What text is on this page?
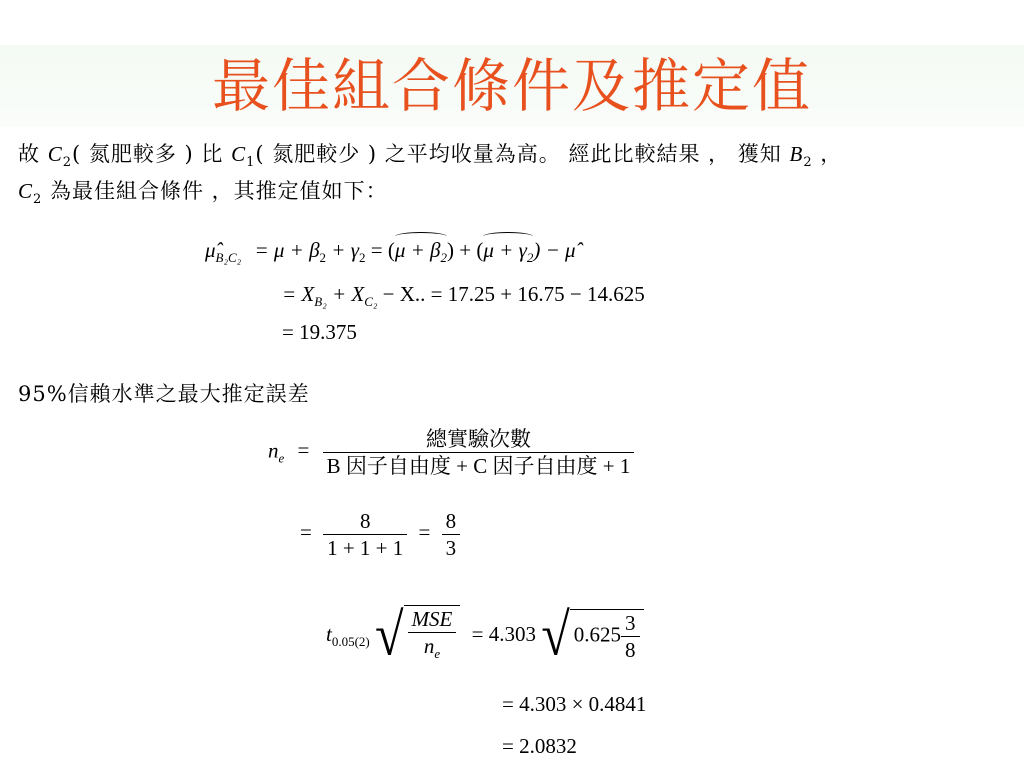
最佳組合條件及推定值
故 $C_2$( 氮肥較多 ) 比 $C_1$( 氮肥較少 ) 之平均收量為高。 經此比較結果 ， 獲知 $B_2$ ，
$C_2$ 為最佳組合條件 ，其推定值如下：
$\mû_{B_2C_2} = \mu + \beta_2 + \gamma_2 = (\mu + \beta_2) + (\mu + \gamma_2)$ − μ̂
= $X_{B_2} + X_{C_2} - X$.. = 17.25 + 16.75 − 14.625
= 19.375
95%信賴水準之最大推定誤差
$n_e = \frac{\text{總實驗次數}}{\text{B 因子自由度 + C 因子自由度 + 1}}$
= $\frac{8}{1 + 1 + 1} = \frac{8}{3}$
$t_{0.05(2)}$ √ $\frac{\text{MSE}}{n_e} = 4.303$ √ $0.625 \frac{3}{8}$
= 4.303 × 0.4841
= 2.0832
